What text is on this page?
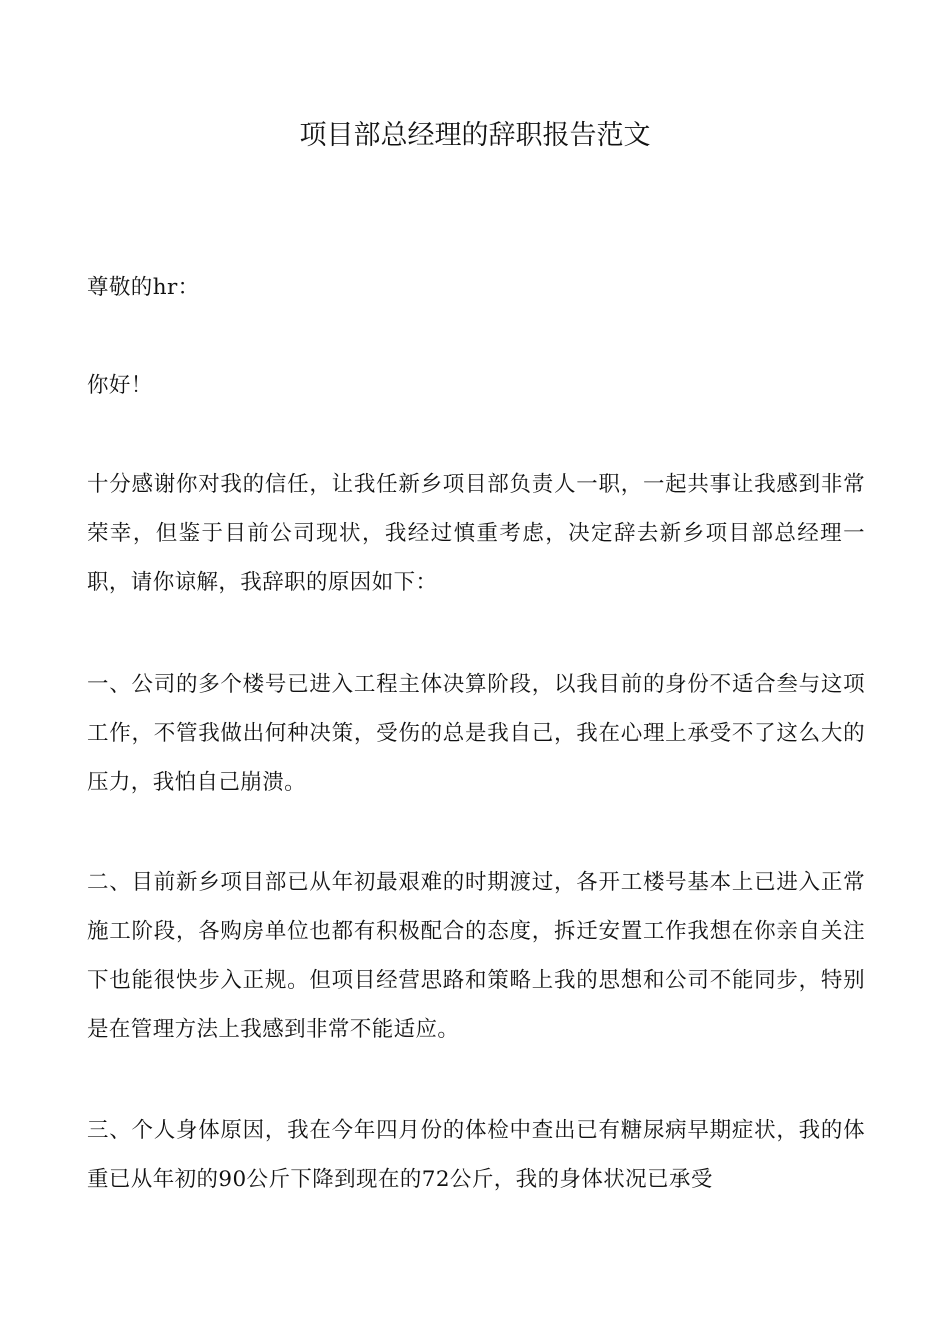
项目部总经理的辞职报告范文
尊敬的hr：
你好！
十分感谢你对我的信任，让我任新乡项目部负责人一职，一起共事让我感到非常荣幸，但鉴于目前公司现状，我经过慎重考虑，决定辞去新乡项目部总经理一职，请你谅解，我辞职的原因如下：
一、公司的多个楼号已进入工程主体决算阶段，以我目前的身份不适合叁与这项工作，不管我做出何种决策，受伤的总是我自己，我在心理上承受不了这么大的压力，我怕自己崩溃。
二、目前新乡项目部已从年初最艰难的时期渡过，各开工楼号基本上已进入正常施工阶段，各购房单位也都有积极配合的态度，拆迁安置工作我想在你亲自关注下也能很快步入正规。但项目经营思路和策略上我的思想和公司不能同步，特别是在管理方法上我感到非常不能适应。
三、个人身体原因，我在今年四月份的体检中查出已有糖尿病早期症状，我的体重已从年初的90公斤下降到现在的72公斤，我的身体状况已承受
